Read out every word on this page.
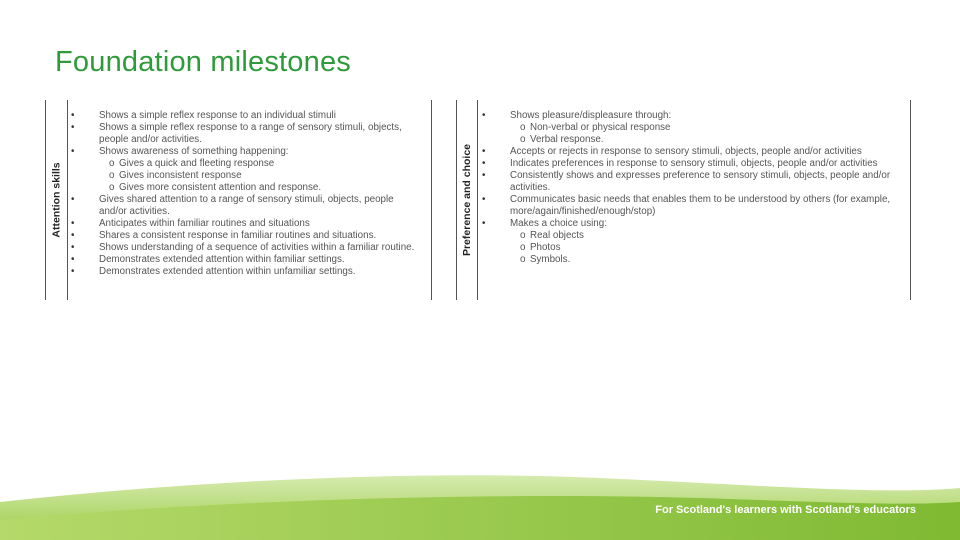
Foundation milestones
Attention skills
• Shows a simple reflex response to an individual stimuli
• Shows a simple reflex response to a range of sensory stimuli, objects, people and/or activities.
• Shows awareness of something happening:
o Gives a quick and fleeting response
o Gives inconsistent response
o Gives more consistent attention and response.
• Gives shared attention to a range of sensory stimuli, objects, people and/or activities.
• Anticipates within familiar routines and situations
• Shares a consistent response in familiar routines and situations.
• Shows understanding of a sequence of activities within a familiar routine.
• Demonstrates extended attention within familiar settings.
• Demonstrates extended attention within unfamiliar settings.
Preference and choice
• Shows pleasure/displeasure through:
o Non-verbal or physical response
o Verbal response.
• Accepts or rejects in response to sensory stimuli, objects, people and/or activities
• Indicates preferences in response to sensory stimuli, objects, people and/or activities
• Consistently shows and expresses preference to sensory stimuli, objects, people and/or activities.
• Communicates basic needs that enables them to be understood by others (for example, more/again/finished/enough/stop)
• Makes a choice using:
o Real objects
o Photos
o Symbols.
For Scotland's learners with Scotland's educators
